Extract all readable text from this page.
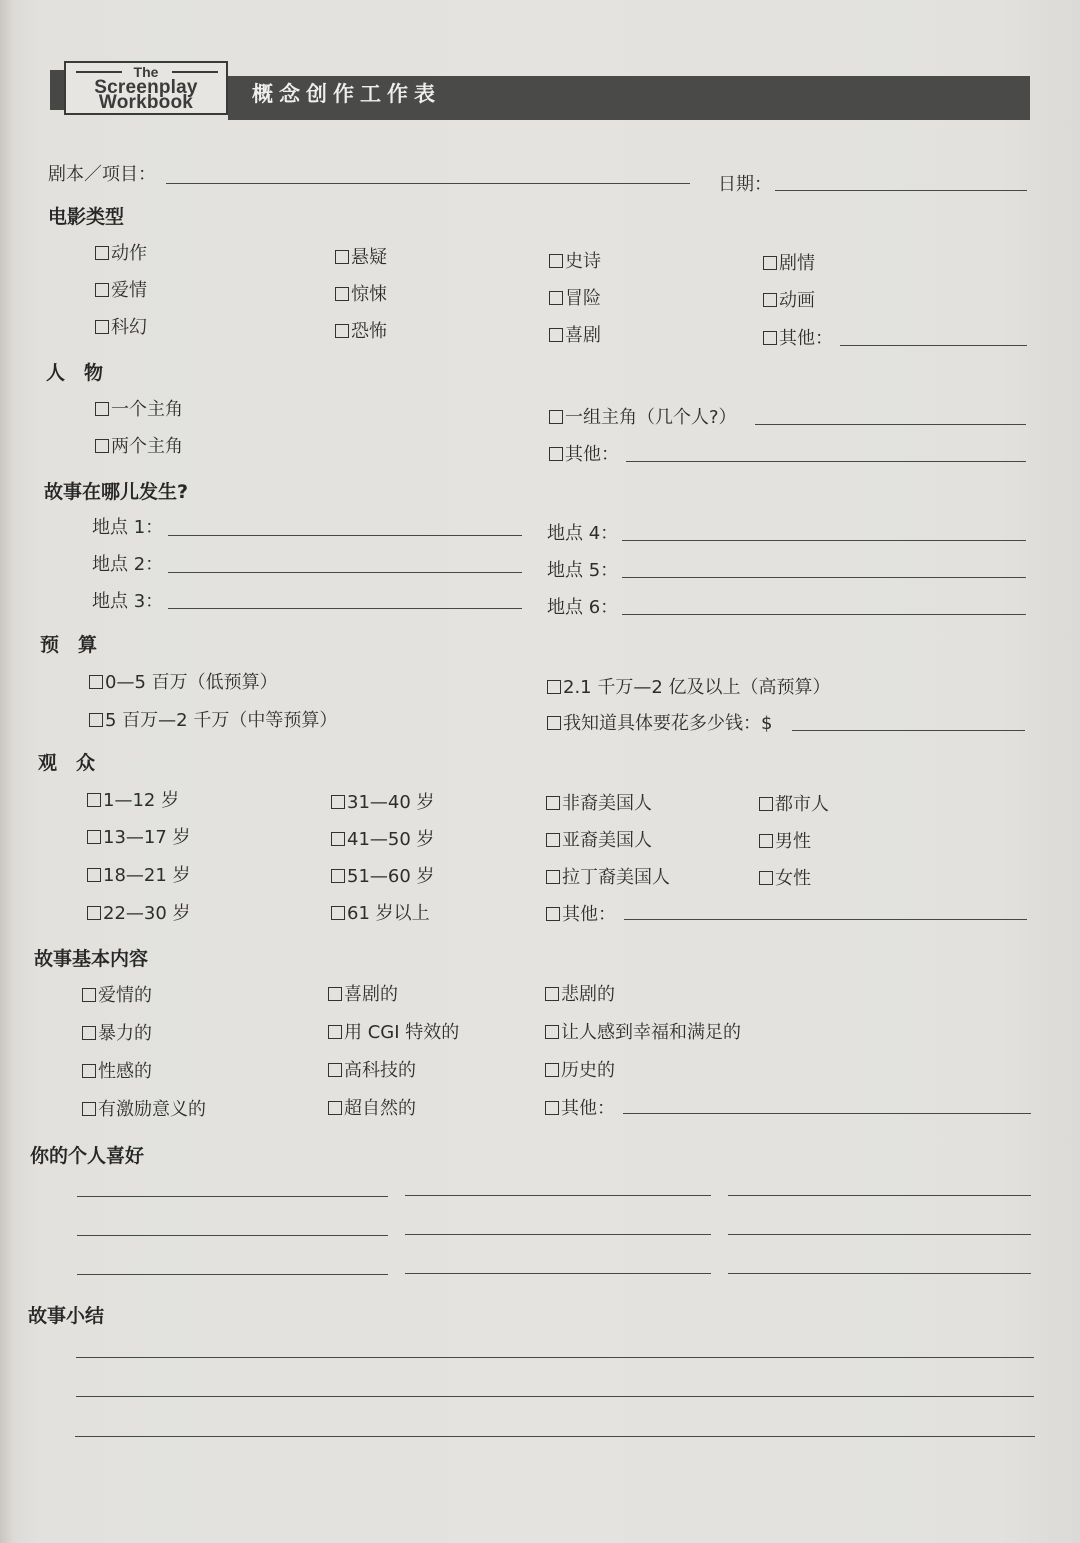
The
Screenplay
Workbook	概念创作工作表
剧本／项目：	日期：
电影类型
动作
爱情
科幻
悬疑
惊悚
恐怖
史诗
冒险
喜剧
剧情
动画
其他：
人　物
一个主角
两个主角
一组主角（几个人?）
其他：
故事在哪儿发生?
地点 1：
地点 2：
地点 3：
地点 4：
地点 5：
地点 6：
预　算
0—5 百万（低预算）
5 百万—2 千万（中等预算）
2.1 千万—2 亿及以上（高预算）
我知道具体要花多少钱：$
观　众
1—12 岁
13—17 岁
18—21 岁
22—30 岁
31—40 岁
41—50 岁
51—60 岁
61 岁以上
非裔美国人
亚裔美国人
拉丁裔美国人
其他：
都市人
男性
女性
故事基本内容
爱情的
暴力的
性感的
有激励意义的
喜剧的
用 CGI 特效的
高科技的
超自然的
悲剧的
让人感到幸福和满足的
历史的
其他：
你的个人喜好
故事小结
